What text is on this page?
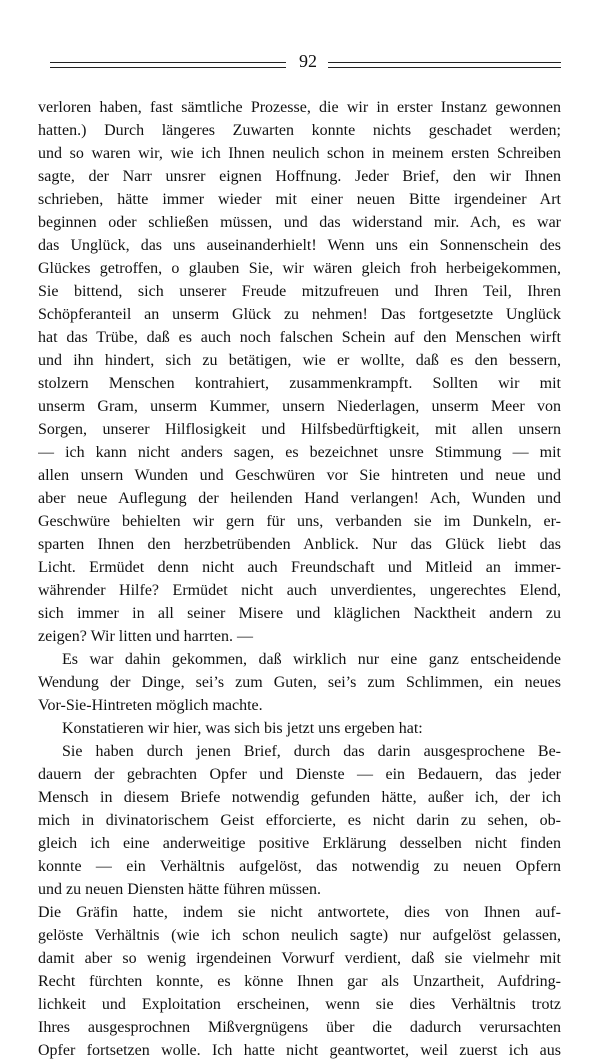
92
verloren haben, fast sämtliche Prozesse, die wir in erster Instanz gewonnen
hatten.) Durch längeres Zuwarten konnte nichts geschadet werden;
und so waren wir, wie ich Ihnen neulich schon in meinem ersten Schreiben
sagte, der Narr unsrer eignen Hoffnung. Jeder Brief, den wir Ihnen
schrieben, hätte immer wieder mit einer neuen Bitte irgendeiner Art
beginnen oder schließen müssen, und das widerstand mir. Ach, es war
das Unglück, das uns auseinanderhielt! Wenn uns ein Sonnenschein des
Glückes getroffen, o glauben Sie, wir wären gleich froh herbeigekommen,
Sie bittend, sich unserer Freude mitzufreuen und Ihren Teil, Ihren
Schöpferanteil an unserm Glück zu nehmen! Das fortgesetzte Unglück
hat das Trübe, daß es auch noch falschen Schein auf den Menschen wirft
und ihn hindert, sich zu betätigen, wie er wollte, daß es den bessern,
stolzern Menschen kontrahiert, zusammenkrampft. Sollten wir mit
unserm Gram, unserm Kummer, unsern Niederlagen, unserm Meer von
Sorgen, unserer Hilflosigkeit und Hilfsbedürftigkeit, mit allen unsern
— ich kann nicht anders sagen, es bezeichnet unsre Stimmung — mit
allen unsern Wunden und Geschwüren vor Sie hintreten und neue und
aber neue Auflegung der heilenden Hand verlangen! Ach, Wunden und
Geschwüre behielten wir gern für uns, verbanden sie im Dunkeln, er-
sparten Ihnen den herzbetrübenden Anblick. Nur das Glück liebt das
Licht. Ermüdet denn nicht auch Freundschaft und Mitleid an immer-
währender Hilfe? Ermüdet nicht auch unverdientes, ungerechtes Elend,
sich immer in all seiner Misere und kläglichen Nacktheit andern zu
zeigen? Wir litten und harrten. —
Es war dahin gekommen, daß wirklich nur eine ganz entscheidende
Wendung der Dinge, sei’s zum Guten, sei’s zum Schlimmen, ein neues
Vor-Sie-Hintreten möglich machte.
Konstatieren wir hier, was sich bis jetzt uns ergeben hat:
Sie haben durch jenen Brief, durch das darin ausgesprochene Be-
dauern der gebrachten Opfer und Dienste — ein Bedauern, das jeder
Mensch in diesem Briefe notwendig gefunden hätte, außer ich, der ich
mich in divinatorischem Geist efforcierte, es nicht darin zu sehen, ob-
gleich ich eine anderweitige positive Erklärung desselben nicht finden
konnte — ein Verhältnis aufgelöst, das notwendig zu neuen Opfern
und zu neuen Diensten hätte führen müssen.
Die Gräfin hatte, indem sie nicht antwortete, dies von Ihnen auf-
gelöste Verhältnis (wie ich schon neulich sagte) nur aufgelöst gelassen,
damit aber so wenig irgendeinen Vorwurf verdient, daß sie vielmehr mit
Recht fürchten konnte, es könne Ihnen gar als Unzartheit, Aufdring-
lichkeit und Exploitation erscheinen, wenn sie dies Verhältnis trotz
Ihres ausgesprochnen Mißvergnügens über die dadurch verursachten
Opfer fortsetzen wolle. Ich hatte nicht geantwortet, weil zuerst ich aus
